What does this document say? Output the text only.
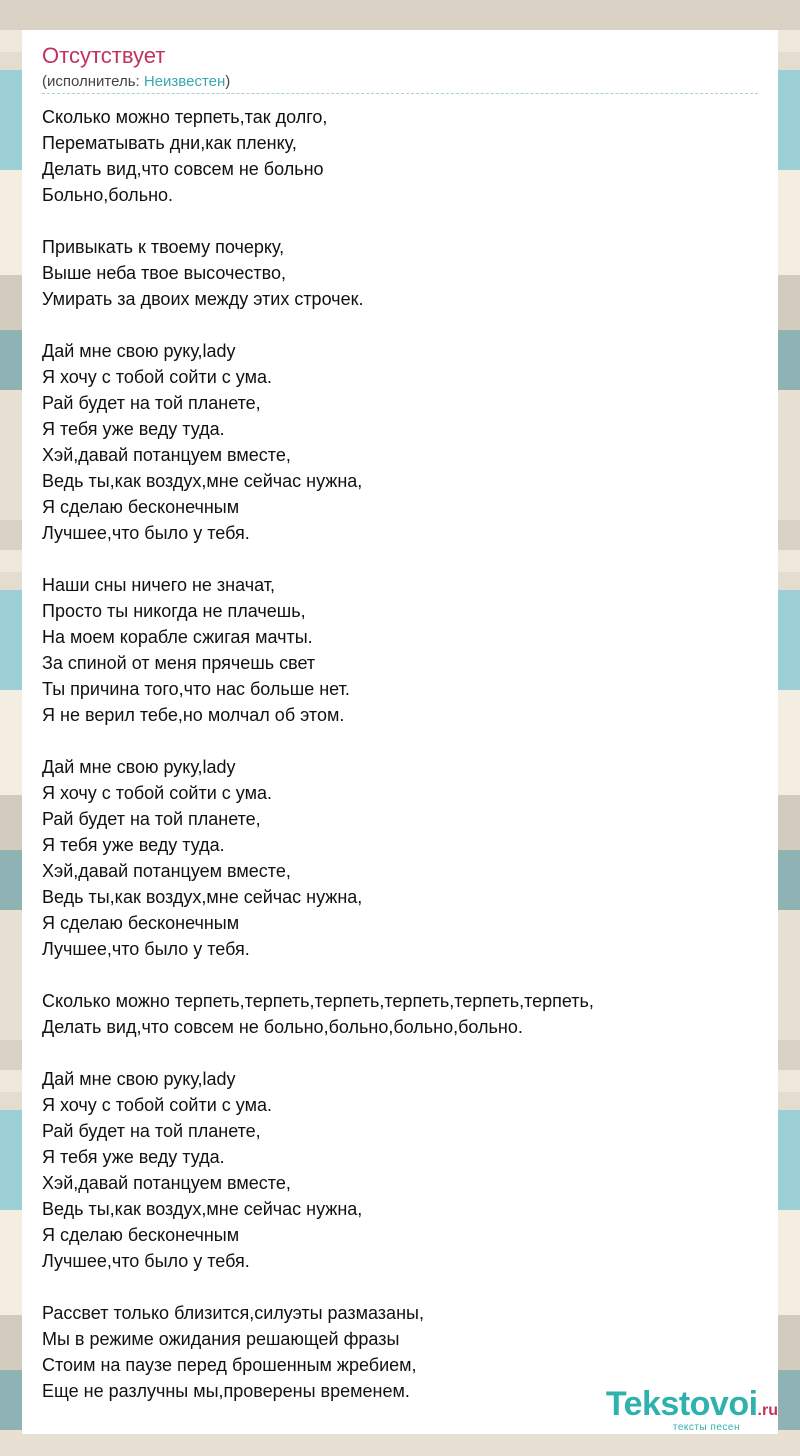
Отсутствует
(исполнитель: Неизвестен)
Сколько можно терпеть,так долго,
Перематывать дни,как пленку,
Делать вид,что совсем не больно
Больно,больно.
Привыкать к твоему почерку,
Выше неба твое высочество,
Умирать за двоих между этих строчек.
Дай мне свою руку,lady
Я хочу с тобой сойти с ума.
Рай будет на той планете,
Я тебя уже веду туда.
Хэй,давай потанцуем вместе,
Ведь ты,как воздух,мне сейчас нужна,
Я сделаю бесконечным
Лучшее,что было у тебя.
Наши сны ничего не значат,
Просто ты никогда не плачешь,
На моем корабле сжигая мачты.
За спиной от меня прячешь свет
Ты причина того,что нас больше нет.
Я не верил тебе,но молчал об этом.
Дай мне свою руку,lady
Я хочу с тобой сойти с ума.
Рай будет на той планете,
Я тебя уже веду туда.
Хэй,давай потанцуем вместе,
Ведь ты,как воздух,мне сейчас нужна,
Я сделаю бесконечным
Лучшее,что было у тебя.
Сколько можно терпеть,терпеть,терпеть,терпеть,терпеть,терпеть,
Делать вид,что совсем не больно,больно,больно,больно.
Дай мне свою руку,lady
Я хочу с тобой сойти с ума.
Рай будет на той планете,
Я тебя уже веду туда.
Хэй,давай потанцуем вместе,
Ведь ты,как воздух,мне сейчас нужна,
Я сделаю бесконечным
Лучшее,что было у тебя.
Рассвет только близится,силуэты размазаны,
Мы в режиме ожидания решающей фразы
Стоим на паузе перед брошенным жребием,
Еще не разлучны мы,проверены временем.	Tekstovoi.ru
тексты песен
